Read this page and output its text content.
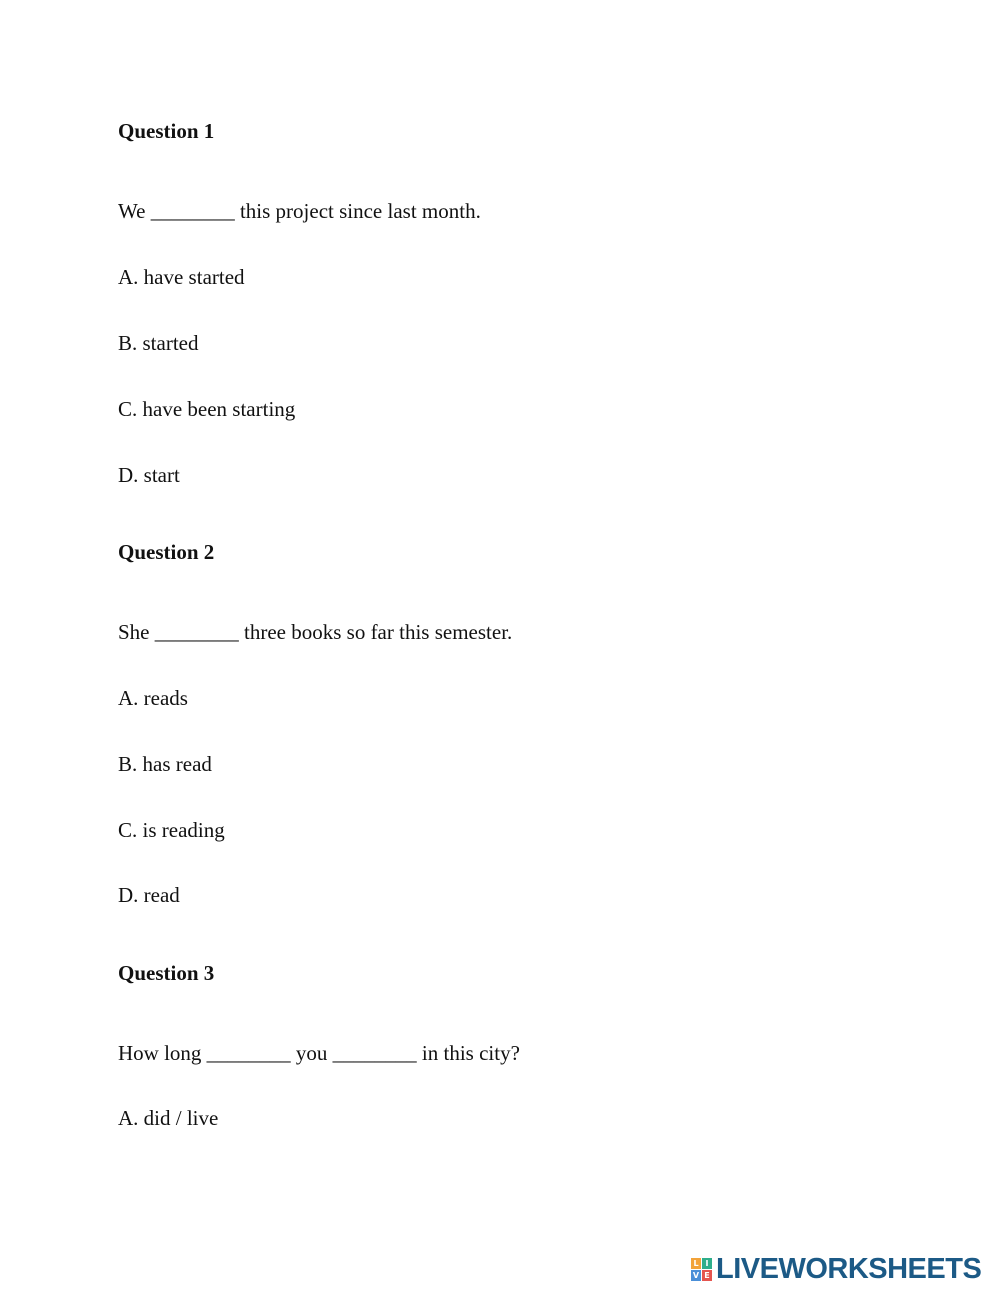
Question 1
We ________ this project since last month.
A. have started
B. started
C. have been starting
D. start
Question 2
She ________ three books so far this semester.
A. reads
B. has read
C. is reading
D. read
Question 3
How long ________ you ________ in this city?
A. did / live
L I
V E LIVEWORKSHEETS
